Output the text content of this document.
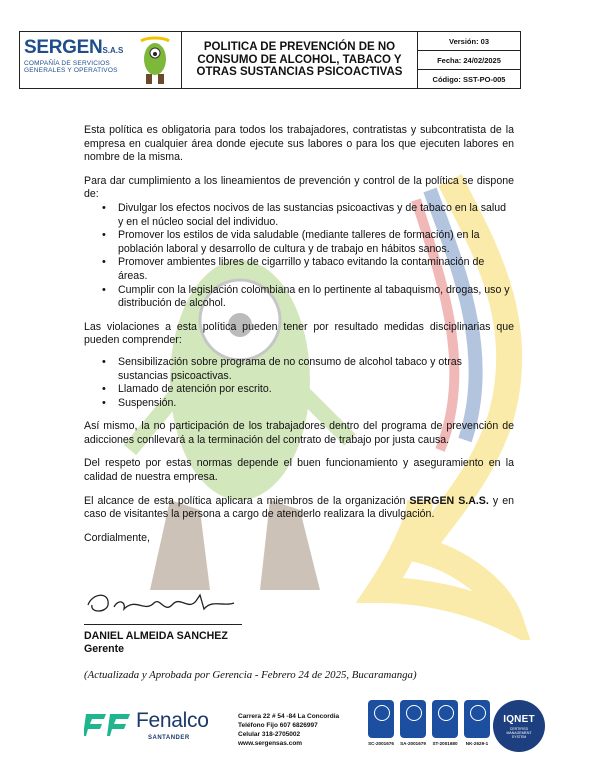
SERGENS.A.S
COMPAÑÍA DE SERVICIOS
GENERALES Y OPERATIVOS
POLITICA DE PREVENCIÓN DE NO CONSUMO DE ALCOHOL, TABACO Y OTRAS SUSTANCIAS PSICOACTIVAS
Versión: 03
Fecha: 24/02/2025
Código: SST-PO-005

Esta política es obligatoria para todos los trabajadores, contratistas y subcontratista de la empresa en cualquier área donde ejecute sus labores o para los que ejecuten labores en nombre de la misma.

Para dar cumplimiento a los lineamientos de prevención y control de la política se dispone de:

• Divulgar los efectos nocivos de las sustancias psicoactivas y de tabaco en la salud y en el núcleo social del individuo.
• Promover los estilos de vida saludable (mediante talleres de formación) en la población laboral y desarrollo de cultura y de trabajo en hábitos sanos.
• Promover ambientes libres de cigarrillo y tabaco evitando la contaminación de áreas.
• Cumplir con la legislación colombiana en lo pertinente al tabaquismo, drogas, uso y distribución de alcohol.

Las violaciones a esta política pueden tener por resultado medidas disciplinarias que pueden comprender:

• Sensibilización sobre programa de no consumo de alcohol tabaco y otras sustancias psicoactivas.
• Llamado de atención por escrito.
• Suspensión.

Así mismo, la no participación de los trabajadores dentro del programa de prevención de adicciones conllevará a la terminación del contrato de trabajo por justa causa.

Del respeto por estas normas depende el buen funcionamiento y aseguramiento en la calidad de nuestra empresa.

El alcance de esta política aplicara a miembros de la organización SERGEN S.A.S. y en caso de visitantes la persona a cargo de atenderlo realizara la divulgación.

Cordialmente,

DANIEL ALMEIDA SANCHEZ
Gerente
(Actualizada y Aprobada por Gerencia - Febrero 24 de 2025, Bucaramanga)
Fenalco
SANTANDER
Carrera 22 # 54 -84 La Concordia
Teléfono Fijo 607 6826997
Celular 318-2705002
www.sergensas.com	SC-2001676 SA-2001679 ST-2001680 NK-2629-1
IQNET
CERTIFIED MANAGEMENT SYSTEM
